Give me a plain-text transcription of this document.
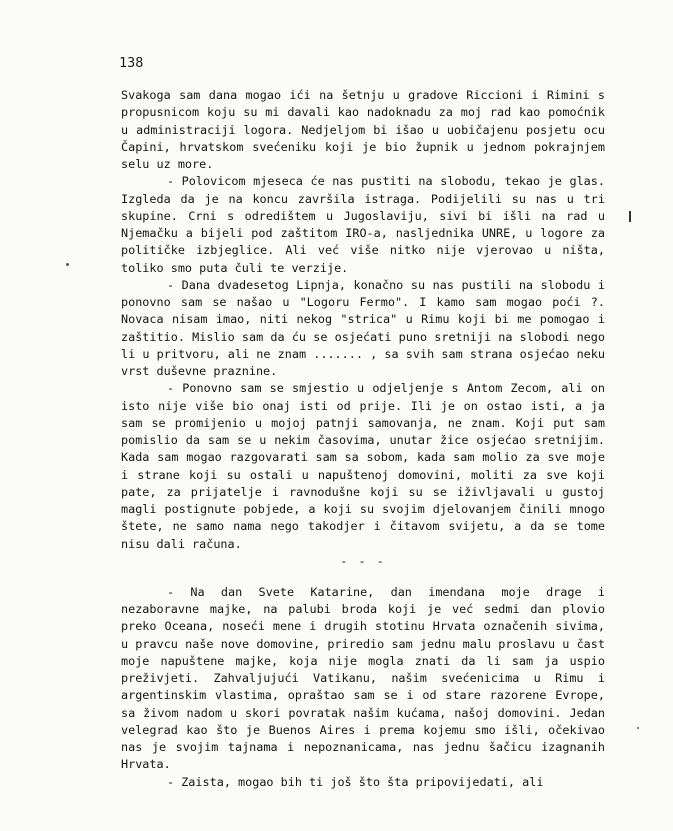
138

Svakoga sam dana mogao ići na šetnju u gradove Riccioni i Rimini s propusnicom koju su mi davali kao nadoknadu za moj rad kao pomoćnik u administraciji logora. Nedjeljom bi išao u uobičajenu posjetu ocu Čapini, hrvatskom svećeniku koji je bio župnik u jednom pokrajnjem selu uz more.

- Polovicom mjeseca će nas pustiti na slobodu, tekao je glas. Izgleda da je na koncu završila istraga. Podijelili su nas u tri skupine. Crni s odredištem u Jugoslaviju, sivi bi išli na rad u Njemačku a bijeli pod zaštitom IRO-a, nasljednika UNRE, u logore za političke izbjeglice. Ali već više nitko nije vjerovao u ništa, toliko smo puta čuli te verzije.

- Dana dvadesetog Lipnja, konačno su nas pustili na slobodu i ponovno sam se našao u "Logoru Fermo". I kamo sam mogao poći ?. Novaca nisam imao, niti nekog "strica" u Rimu koji bi me pomogao i zaštitio. Mislio sam da ću se osjećati puno sretniji na slobodi nego li u pritvoru, ali ne znam ....... , sa svih sam strana osjećao neku vrst duševne praznine.

- Ponovno sam se smjestio u odjeljenje s Antom Zecom, ali on isto nije više bio onaj isti od prije. Ili je on ostao isti, a ja sam se promijenio u mojoj patnji samovanja, ne znam. Koji put sam pomislio da sam se u nekim časovima, unutar žice osjećao sretnijim. Kada sam mogao razgovarati sam sa sobom, kada sam molio za sve moje i strane koji su ostali u napuštenoj domovini, moliti za sve koji pate, za prijatelje i ravnodušne koji su se iživljavali u gustoj magli postignute pobjede, a koji su svojim djelovanjem činili mnogo štete, ne samo nama nego takodjer i čitavom svijetu, a da se tome nisu dali računa.

- - -

- Na dan Svete Katarine, dan imendana moje drage i nezaboravne majke, na palubi broda koji je već sedmi dan plovio preko Oceana, noseći mene i drugih stotinu Hrvata označenih sivima, u pravcu naše nove domovine, priredio sam jednu malu proslavu u čast moje napuštene majke, koja nije mogla znati da li sam ja uspio preživjeti. Zahvaljujući Vatikanu, našim svećenicima u Rimu i argentinskim vlastima, opraštao sam se i od stare razorene Evrope, sa živom nadom u skori povratak našim kućama, našoj domovini. Jedan velegrad kao što je Buenos Aires i prema kojemu smo išli, očekivao nas je svojim tajnama i nepoznanicama, nas jednu šačicu izagnanih Hrvata.

- Zaista, mogao bih ti još što šta pripovijedati, ali
